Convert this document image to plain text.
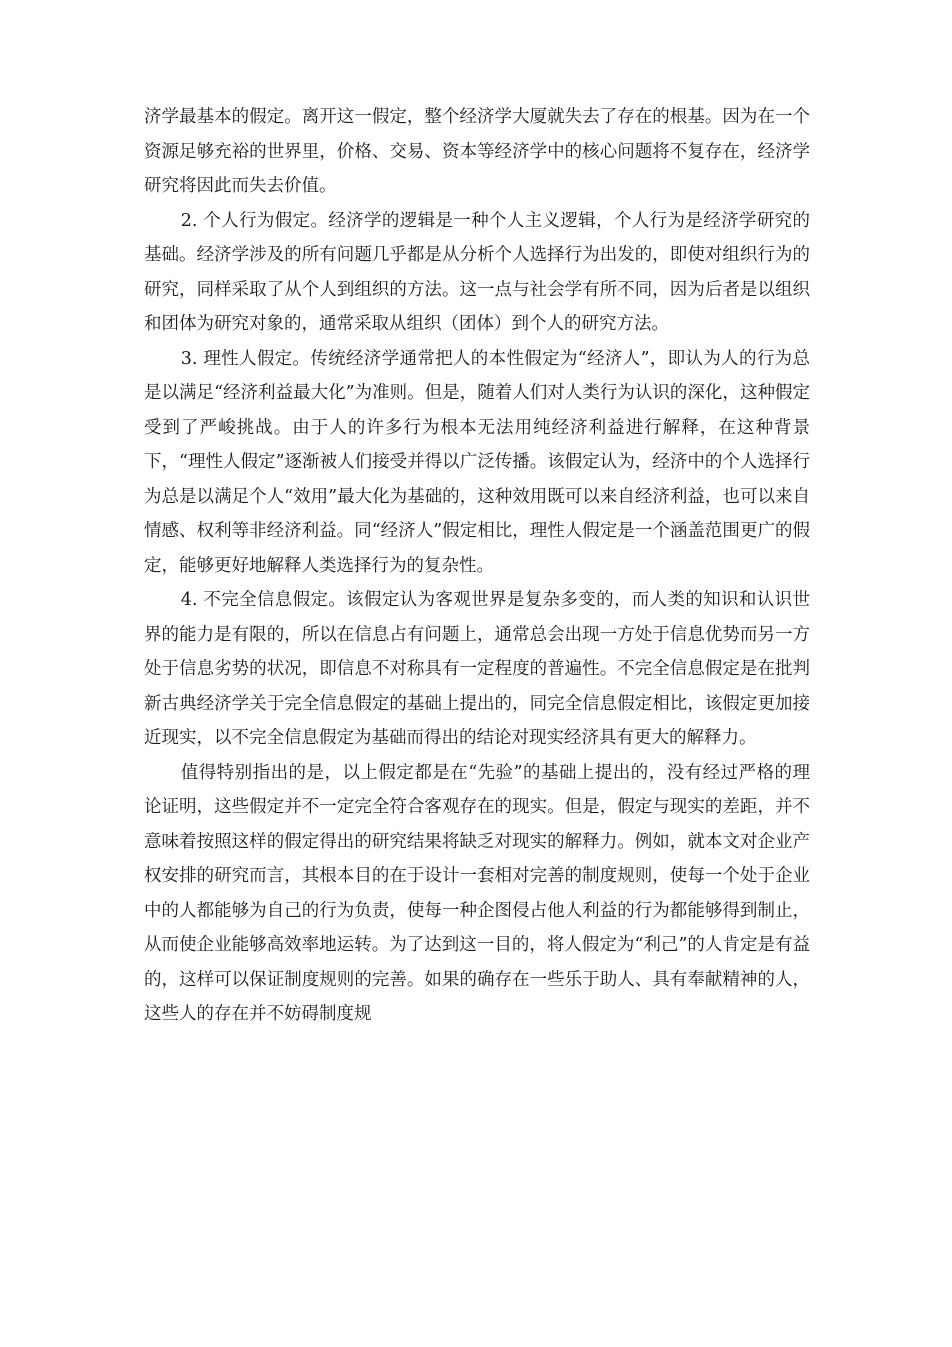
济学最基本的假定。离开这一假定，整个经济学大厦就失去了存在的根基。因为在一个资源足够充裕的世界里，价格、交易、资本等经济学中的核心问题将不复存在，经济学研究将因此而失去价值。

2. 个人行为假定。经济学的逻辑是一种个人主义逻辑，个人行为是经济学研究的基础。经济学涉及的所有问题几乎都是从分析个人选择行为出发的，即使对组织行为的研究，同样采取了从个人到组织的方法。这一点与社会学有所不同，因为后者是以组织和团体为研究对象的，通常采取从组织（团体）到个人的研究方法。

3. 理性人假定。传统经济学通常把人的本性假定为“经济人”，即认为人的行为总是以满足“经济利益最大化”为准则。但是，随着人们对人类行为认识的深化，这种假定受到了严峻挑战。由于人的许多行为根本无法用纯经济利益进行解释，在这种背景下，“理性人假定”逐渐被人们接受并得以广泛传播。该假定认为，经济中的个人选择行为总是以满足个人“效用”最大化为基础的，这种效用既可以来自经济利益，也可以来自情感、权利等非经济利益。同“经济人”假定相比，理性人假定是一个涵盖范围更广的假定，能够更好地解释人类选择行为的复杂性。

4. 不完全信息假定。该假定认为客观世界是复杂多变的，而人类的知识和认识世界的能力是有限的，所以在信息占有问题上，通常总会出现一方处于信息优势而另一方处于信息劣势的状况，即信息不对称具有一定程度的普遍性。不完全信息假定是在批判新古典经济学关于完全信息假定的基础上提出的，同完全信息假定相比，该假定更加接近现实，以不完全信息假定为基础而得出的结论对现实经济具有更大的解释力。

值得特别指出的是，以上假定都是在“先验”的基础上提出的，没有经过严格的理论证明，这些假定并不一定完全符合客观存在的现实。但是，假定与现实的差距，并不意味着按照这样的假定得出的研究结果将缺乏对现实的解释力。例如，就本文对企业产权安排的研究而言，其根本目的在于设计一套相对完善的制度规则，使每一个处于企业中的人都能够为自己的行为负责，使每一种企图侵占他人利益的行为都能够得到制止，从而使企业能够高效率地运转。为了达到这一目的，将人假定为“利己”的人肯定是有益的，这样可以保证制度规则的完善。如果的确存在一些乐于助人、具有奉献精神的人，这些人的存在并不妨碍制度规
